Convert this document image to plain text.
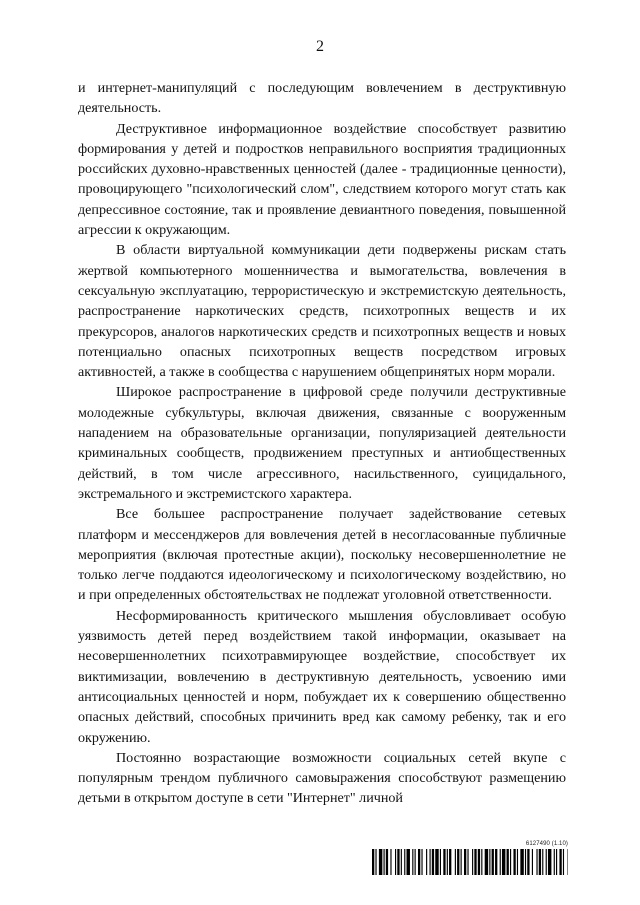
2

и интернет-манипуляций с последующим вовлечением в деструктивную деятельность.

Деструктивное информационное воздействие способствует развитию формирования у детей и подростков неправильного восприятия традиционных российских духовно-нравственных ценностей (далее - традиционные ценности), провоцирующего "психологический слом", следствием которого могут стать как депрессивное состояние, так и проявление девиантного поведения, повышенной агрессии к окружающим.

В области виртуальной коммуникации дети подвержены рискам стать жертвой компьютерного мошенничества и вымогательства, вовлечения в сексуальную эксплуатацию, террористическую и экстремистскую деятельность, распространение наркотических средств, психотропных веществ и их прекурсоров, аналогов наркотических средств и психотропных веществ и новых потенциально опасных психотропных веществ посредством игровых активностей, а также в сообщества с нарушением общепринятых норм морали.

Широкое распространение в цифровой среде получили деструктивные молодежные субкультуры, включая движения, связанные с вооруженным нападением на образовательные организации, популяризацией деятельности криминальных сообществ, продвижением преступных и антиобщественных действий, в том числе агрессивного, насильственного, суицидального, экстремального и экстремистского характера.

Все большее распространение получает задействование сетевых платформ и мессенджеров для вовлечения детей в несогласованные публичные мероприятия (включая протестные акции), поскольку несовершеннолетние не только легче поддаются идеологическому и психологическому воздействию, но и при определенных обстоятельствах не подлежат уголовной ответственности.

Несформированность критического мышления обусловливает особую уязвимость детей перед воздействием такой информации, оказывает на несовершеннолетних психотравмирующее воздействие, способствует их виктимизации, вовлечению в деструктивную деятельность, усвоению ими антисоциальных ценностей и норм, побуждает их к совершению общественно опасных действий, способных причинить вред как самому ребенку, так и его окружению.

Постоянно возрастающие возможности социальных сетей вкупе с популярным трендом публичного самовыражения способствуют размещению детьми в открытом доступе в сети "Интернет" личной

6127490 (1.10)
